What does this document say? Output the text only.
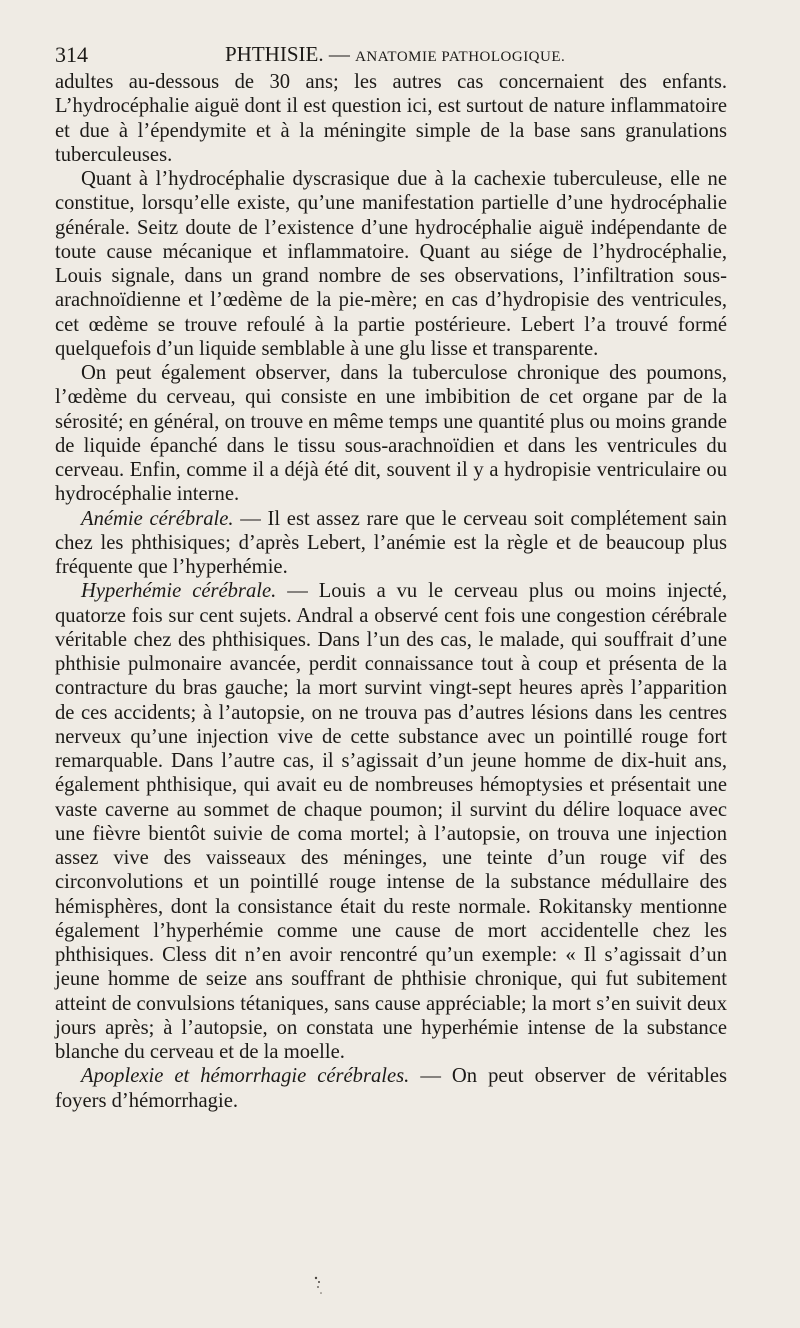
314	PHTHISIE. — ANATOMIE PATHOLOGIQUE.

adultes au-dessous de 30 ans; les autres cas concernaient des enfants. L’hydrocéphalie aiguë dont il est question ici, est surtout de nature inflammatoire et due à l’épendymite et à la méningite simple de la base sans granulations tuberculeuses.

Quant à l’hydrocéphalie dyscrasique due à la cachexie tuberculeuse, elle ne constitue, lorsqu’elle existe, qu’une manifestation partielle d’une hydrocéphalie générale. Seitz doute de l’existence d’une hydrocéphalie aiguë indépendante de toute cause mécanique et inflammatoire. Quant au siége de l’hydrocéphalie, Louis signale, dans un grand nombre de ses observations, l’infiltration sous-arachnoïdienne et l’œdème de la pie-mère; en cas d’hydropisie des ventricules, cet œdème se trouve refoulé à la partie postérieure. Lebert l’a trouvé formé quelquefois d’un liquide semblable à une glu lisse et transparente.

On peut également observer, dans la tuberculose chronique des poumons, l’œdème du cerveau, qui consiste en une imbibition de cet organe par de la sérosité; en général, on trouve en même temps une quantité plus ou moins grande de liquide épanché dans le tissu sous-arachnoïdien et dans les ventricules du cerveau. Enfin, comme il a déjà été dit, souvent il y a hydropisie ventriculaire ou hydrocéphalie interne.

Anémie cérébrale. — Il est assez rare que le cerveau soit complétement sain chez les phthisiques; d’après Lebert, l’anémie est la règle et de beaucoup plus fréquente que l’hyperhémie.

Hyperhémie cérébrale. — Louis a vu le cerveau plus ou moins injecté, quatorze fois sur cent sujets. Andral a observé cent fois une congestion cérébrale véritable chez des phthisiques. Dans l’un des cas, le malade, qui souffrait d’une phthisie pulmonaire avancée, perdit connaissance tout à coup et présenta de la contracture du bras gauche; la mort survint vingt-sept heures après l’apparition de ces accidents; à l’autopsie, on ne trouva pas d’autres lésions dans les centres nerveux qu’une injection vive de cette substance avec un pointillé rouge fort remarquable. Dans l’autre cas, il s’agissait d’un jeune homme de dix-huit ans, également phthisique, qui avait eu de nombreuses hémoptysies et présentait une vaste caverne au sommet de chaque poumon; il survint du délire loquace avec une fièvre bientôt suivie de coma mortel; à l’autopsie, on trouva une injection assez vive des vaisseaux des méninges, une teinte d’un rouge vif des circonvolutions et un pointillé rouge intense de la substance médullaire des hémisphères, dont la consistance était du reste normale. Rokitansky mentionne également l’hyperhémie comme une cause de mort accidentelle chez les phthisiques. Cless dit n’en avoir rencontré qu’un exemple: « Il s’agissait d’un jeune homme de seize ans souffrant de phthisie chronique, qui fut subitement atteint de convulsions tétaniques, sans cause appréciable; la mort s’en suivit deux jours après; à l’autopsie, on constata une hyperhémie intense de la substance blanche du cerveau et de la moelle.

Apoplexie et hémorrhagie cérébrales. — On peut observer de véritables foyers d’hémorrhagie.
